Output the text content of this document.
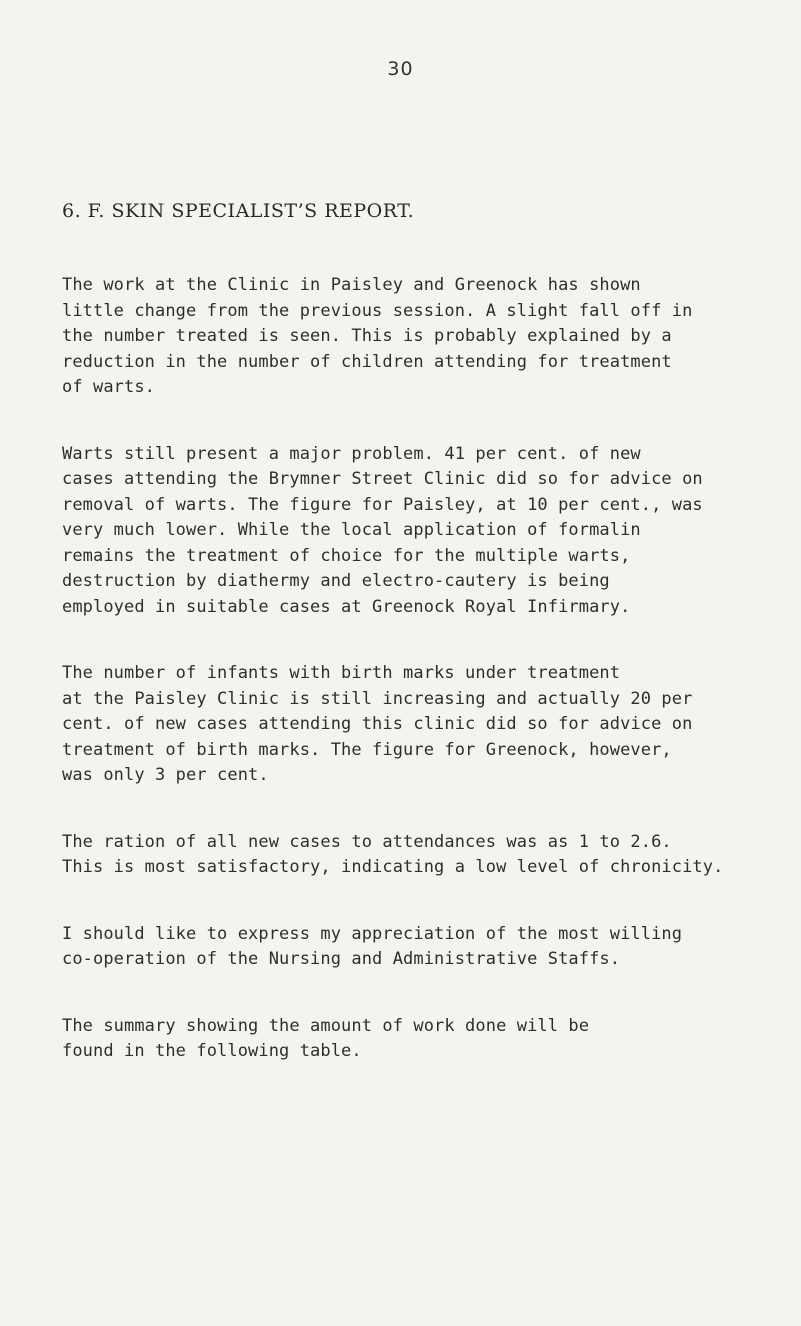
30
6. F. SKIN SPECIALIST’S REPORT.

The work at the Clinic in Paisley and Greenock has shown
little change from the previous session. A slight fall off in
the number treated is seen. This is probably explained by a
reduction in the number of children attending for treatment
of warts.

Warts still present a major problem. 41 per cent. of new
cases attending the Brymner Street Clinic did so for advice on
removal of warts. The figure for Paisley, at 10 per cent., was
very much lower. While the local application of formalin
remains the treatment of choice for the multiple warts,
destruction by diathermy and electro-cautery is being
employed in suitable cases at Greenock Royal Infirmary.

The number of infants with birth marks under treatment
at the Paisley Clinic is still increasing and actually 20 per
cent. of new cases attending this clinic did so for advice on
treatment of birth marks. The figure for Greenock, however,
was only 3 per cent.

The ration of all new cases to attendances was as 1 to 2.6.
This is most satisfactory, indicating a low level of chronicity.

I should like to express my appreciation of the most willing
co-operation of the Nursing and Administrative Staffs.

The summary showing the amount of work done will be
found in the following table.
